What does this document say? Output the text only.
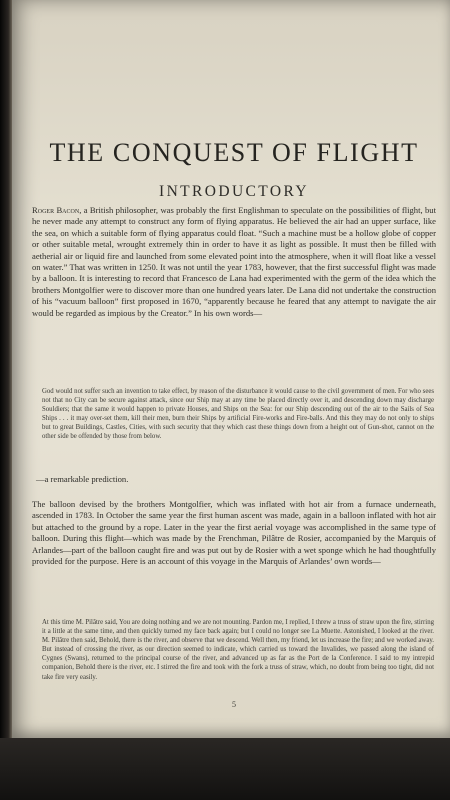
THE CONQUEST OF FLIGHT
INTRODUCTORY

Roger Bacon, a British philosopher, was probably the first Englishman to speculate on the possibilities of flight, but he never made any attempt to construct any form of flying apparatus. He believed the air had an upper surface, like the sea, on which a suitable form of flying apparatus could float. “Such a machine must be a hollow globe of copper or other suitable metal, wrought extremely thin in order to have it as light as possible. It must then be filled with aetherial air or liquid fire and launched from some elevated point into the atmosphere, when it will float like a vessel on water.” That was written in 1250. It was not until the year 1783, however, that the first successful flight was made by a balloon. It is interesting to record that Francesco de Lana had experimented with the germ of the idea which the brothers Montgolfier were to discover more than one hundred years later. De Lana did not undertake the construction of his “vacuum balloon” first proposed in 1670, “apparently because he feared that any attempt to navigate the air would be regarded as impious by the Creator.” In his own words—

God would not suffer such an invention to take effect, by reason of the disturbance it would cause to the civil government of men. For who sees not that no City can be secure against attack, since our Ship may at any time be placed directly over it, and descending down may discharge Souldiers; that the same it would happen to private Houses, and Ships on the Sea: for our Ship descending out of the air to the Sails of Sea Ships . . . it may over-set them, kill their men, burn their Ships by artificial Fire-works and Fire-balls. And this they may do not only to ships but to great Buildings, Castles, Cities, with such security that they which cast these things down from a height out of Gun-shot, cannot on the other side be offended by those from below.

—a remarkable prediction.

The balloon devised by the brothers Montgolfier, which was inflated with hot air from a furnace underneath, ascended in 1783. In October the same year the first human ascent was made, again in a balloon inflated with hot air but attached to the ground by a rope. Later in the year the first aerial voyage was accomplished in the same type of balloon. During this flight—which was made by the Frenchman, Pilâtre de Rosier, accompanied by the Marquis of Arlandes—part of the balloon caught fire and was put out by de Rosier with a wet sponge which he had thoughtfully provided for the purpose. Here is an account of this voyage in the Marquis of Arlandes’ own words—

At this time M. Pilâtre said, You are doing nothing and we are not mounting. Pardon me, I replied, I threw a truss of straw upon the fire, stirring it a little at the same time, and then quickly turned my face back again; but I could no longer see La Muette. Astonished, I looked at the river. M. Pilâtre then said, Behold, there is the river, and observe that we descend. Well then, my friend, let us increase the fire; and we worked away. But instead of crossing the river, as our direction seemed to indicate, which carried us toward the Invalides, we passed along the island of Cygnes (Swans), returned to the principal course of the river, and advanced up as far as the Port de la Conference. I said to my intrepid companion, Behold there is the river, etc. I stirred the fire and took with the fork a truss of straw, which, no doubt from being too tight, did not take fire very easily.

5
